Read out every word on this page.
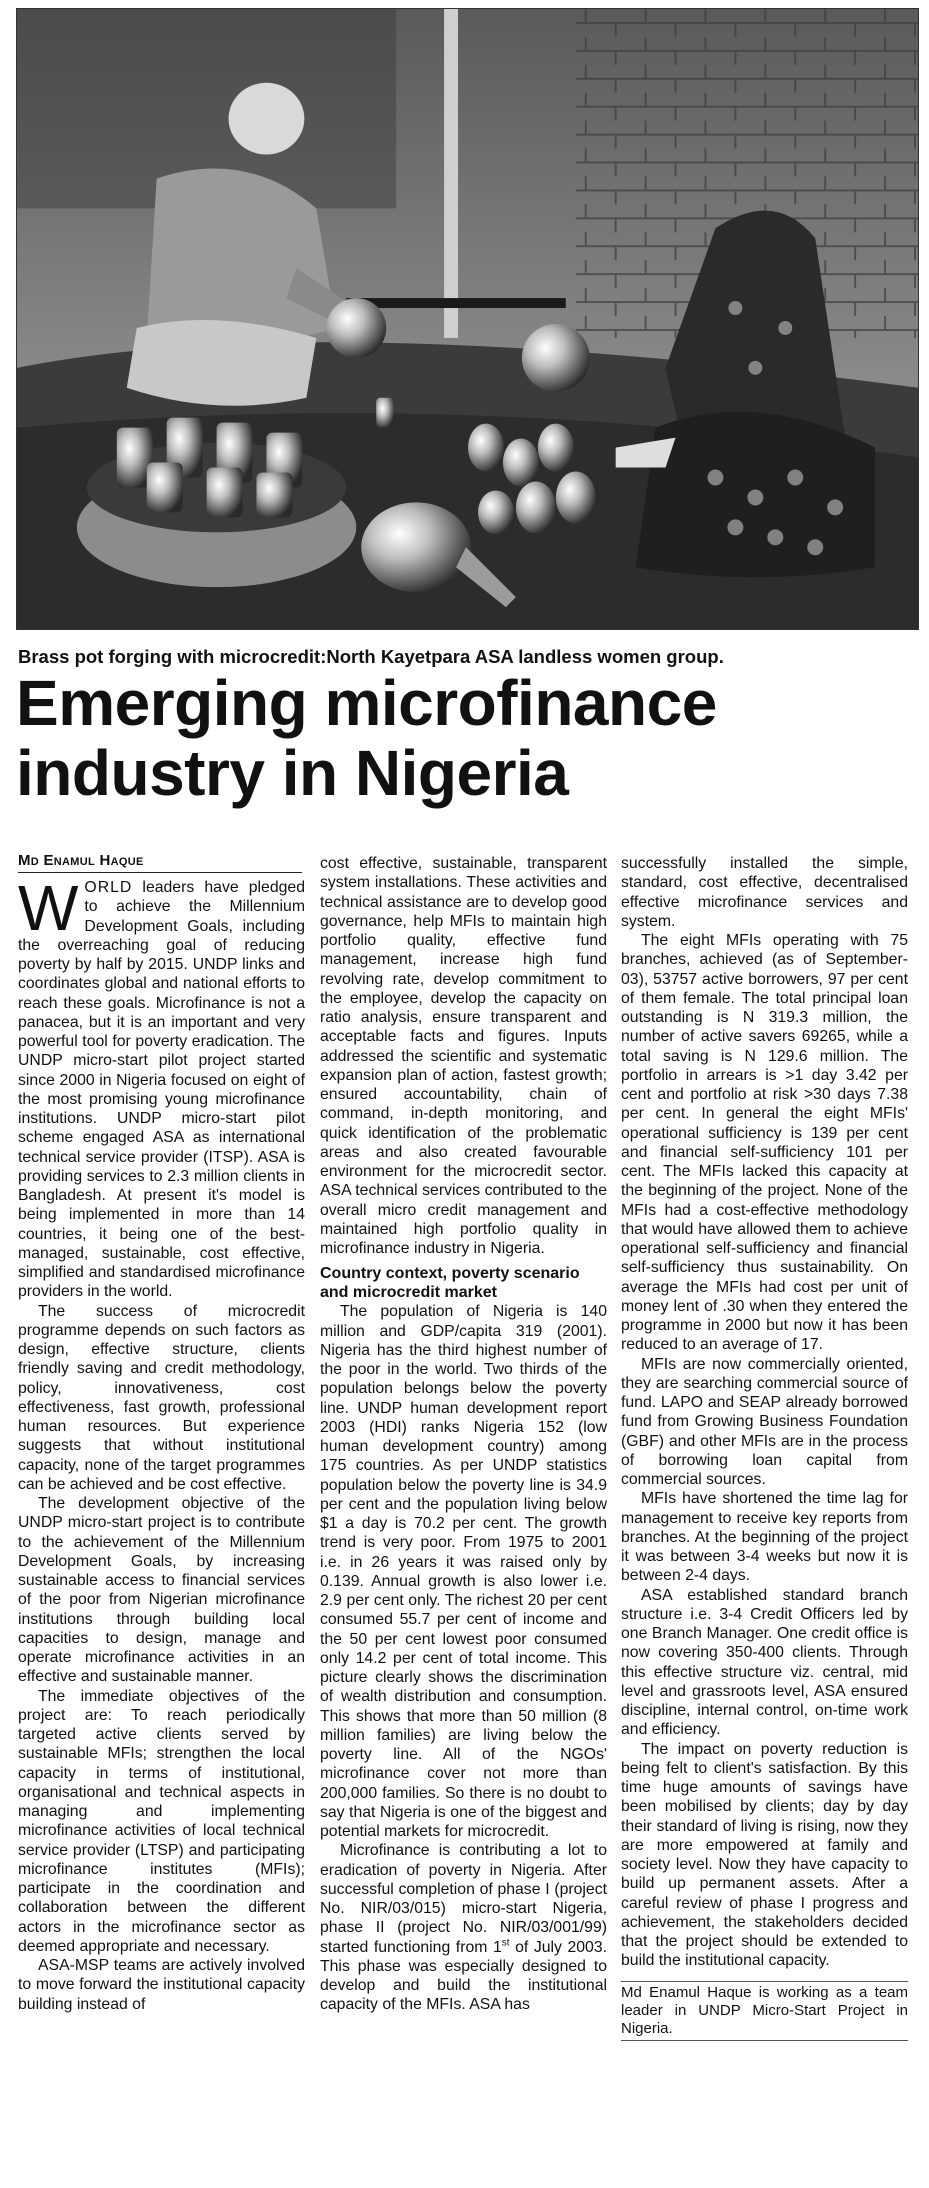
Brass pot forging with microcredit:North Kayetpara ASA landless women group.
Emerging microfinance
industry in Nigeria
Md Enamul Haque

WORLD leaders have pledged to achieve the Millennium Development Goals, including the overreaching goal of reducing poverty by half by 2015. UNDP links and coordinates global and national efforts to reach these goals. Microfinance is not a panacea, but it is an important and very powerful tool for poverty eradication. The UNDP micro-start pilot project started since 2000 in Nigeria focused on eight of the most promising young microfinance institutions. UNDP micro-start pilot scheme engaged ASA as international technical service provider (ITSP). ASA is providing services to 2.3 million clients in Bangladesh. At present it's model is being implemented in more than 14 countries, it being one of the best-managed, sustainable, cost effective, simplified and standardised microfinance providers in the world.

The success of microcredit programme depends on such factors as design, effective structure, clients friendly saving and credit methodology, policy, innovativeness, cost effectiveness, fast growth, professional human resources. But experience suggests that without institutional capacity, none of the target programmes can be achieved and be cost effective.

The development objective of the UNDP micro-start project is to contribute to the achievement of the Millennium Development Goals, by increasing sustainable access to financial services of the poor from Nigerian microfinance institutions through building local capacities to design, manage and operate microfinance activities in an effective and sustainable manner.

The immediate objectives of the project are: To reach periodically targeted active clients served by sustainable MFIs; strengthen the local capacity in terms of institutional, organisational and technical aspects in managing and implementing microfinance activities of local technical service provider (LTSP) and participating microfinance institutes (MFIs); participate in the coordination and collaboration between the different actors in the microfinance sector as deemed appropriate and necessary.

ASA-MSP teams are actively involved to move forward the institutional capacity building instead of

cost effective, sustainable, transparent system installations. These activities and technical assistance are to develop good governance, help MFIs to maintain high portfolio quality, effective fund management, increase high fund revolving rate, develop commitment to the employee, develop the capacity on ratio analysis, ensure transparent and acceptable facts and figures. Inputs addressed the scientific and systematic expansion plan of action, fastest growth; ensured accountability, chain of command, in-depth monitoring, and quick identification of the problematic areas and also created favourable environment for the microcredit sector. ASA technical services contributed to the overall micro credit management and maintained high portfolio quality in microfinance industry in Nigeria.

Country context, poverty scenario and microcredit market

The population of Nigeria is 140 million and GDP/capita 319 (2001). Nigeria has the third highest number of the poor in the world. Two thirds of the population belongs below the poverty line. UNDP human development report 2003 (HDI) ranks Nigeria 152 (low human development country) among 175 countries. As per UNDP statistics population below the poverty line is 34.9 per cent and the population living below $1 a day is 70.2 per cent. The growth trend is very poor. From 1975 to 2001 i.e. in 26 years it was raised only by 0.139. Annual growth is also lower i.e. 2.9 per cent only. The richest 20 per cent consumed 55.7 per cent of income and the 50 per cent lowest poor consumed only 14.2 per cent of total income. This picture clearly shows the discrimination of wealth distribution and consumption. This shows that more than 50 million (8 million families) are living below the poverty line. All of the NGOs' microfinance cover not more than 200,000 families. So there is no doubt to say that Nigeria is one of the biggest and potential markets for microcredit.

Microfinance is contributing a lot to eradication of poverty in Nigeria. After successful completion of phase I (project No. NIR/03/015) micro-start Nigeria, phase II (project No. NIR/03/001/99) started functioning from 1st of July 2003. This phase was especially designed to develop and build the institutional capacity of the MFIs. ASA has

successfully installed the simple, standard, cost effective, decentralised effective microfinance services and system.

The eight MFIs operating with 75 branches, achieved (as of September-03), 53757 active borrowers, 97 per cent of them female. The total principal loan outstanding is N 319.3 million, the number of active savers 69265, while a total saving is N 129.6 million. The portfolio in arrears is >1 day 3.42 per cent and portfolio at risk >30 days 7.38 per cent. In general the eight MFIs' operational sufficiency is 139 per cent and financial self-sufficiency 101 per cent. The MFIs lacked this capacity at the beginning of the project. None of the MFIs had a cost-effective methodology that would have allowed them to achieve operational self-sufficiency and financial self-sufficiency thus sustainability. On average the MFIs had cost per unit of money lent of .30 when they entered the programme in 2000 but now it has been reduced to an average of 17.

MFIs are now commercially oriented, they are searching commercial source of fund. LAPO and SEAP already borrowed fund from Growing Business Foundation (GBF) and other MFIs are in the process of borrowing loan capital from commercial sources.

MFIs have shortened the time lag for management to receive key reports from branches. At the beginning of the project it was between 3-4 weeks but now it is between 2-4 days.

ASA established standard branch structure i.e. 3-4 Credit Officers led by one Branch Manager. One credit office is now covering 350-400 clients. Through this effective structure viz. central, mid level and grassroots level, ASA ensured discipline, internal control, on-time work and efficiency.

The impact on poverty reduction is being felt to client's satisfaction. By this time huge amounts of savings have been mobilised by clients; day by day their standard of living is rising, now they are more empowered at family and society level. Now they have capacity to build up permanent assets. After a careful review of phase I progress and achievement, the stakeholders decided that the project should be extended to build the institutional capacity.

Md Enamul Haque is working as a team leader in UNDP Micro-Start Project in Nigeria.
